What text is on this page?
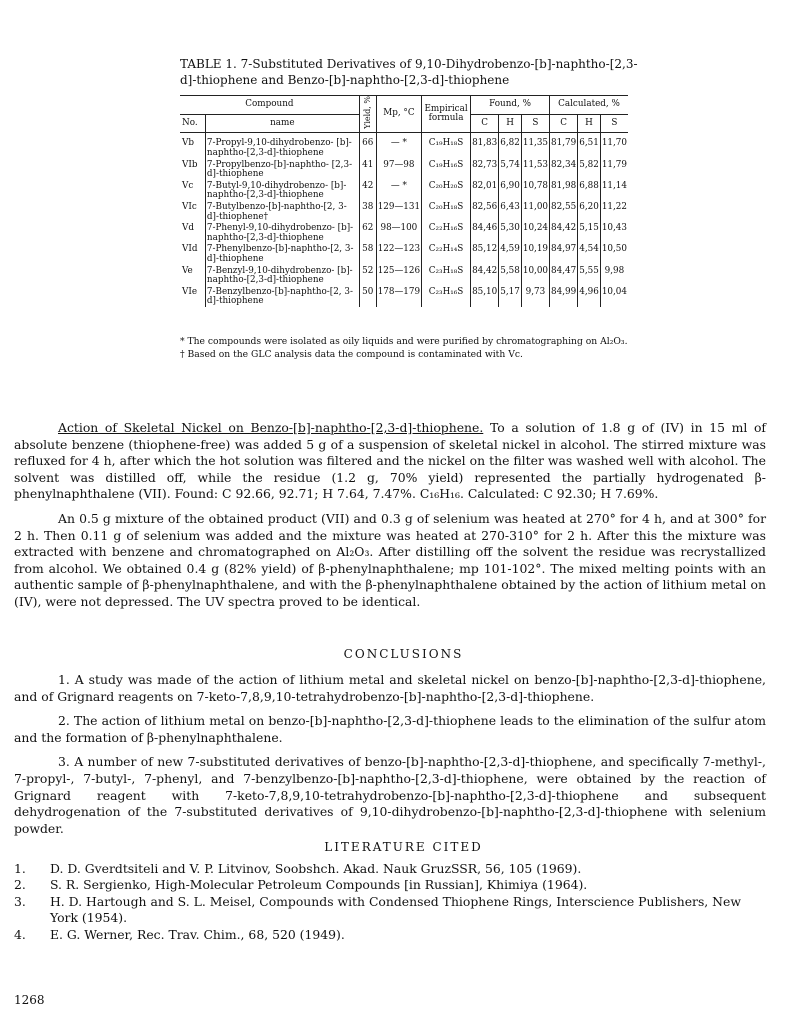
TABLE 1. 7-Substituted Derivatives of 9,10-Dihydrobenzo-[b]-naphtho-[2,3-d]-thiophene and Benzo-[b]-naphtho-[2,3-d]-thiophene
Compound		Yield, %	Mp, °C	Empirical formula	Found, %			Calculated, %		
No.	name				C	H	S	C	H	S
Vb	7-Propyl-9,10-dihydrobenzo- [b]-naphtho-[2,3-d]-thiophene	66	— *	C₁₉H₁₈S	81,83	6,82	11,35	81,79	6,51	11,70
VIb	7-Propylbenzo-[b]-naphtho- [2,3-d]-thiophene	41	97—98	C₁₉H₁₆S	82,73	5,74	11,53	82,34	5,82	11,79
Vc	7-Butyl-9,10-dihydrobenzo- [b]-naphtho-[2,3-d]-thiophene	42	— *	C₂₀H₂₀S	82,01	6,90	10,78	81,98	6,88	11,14
VIc	7-Butylbenzo-[b]-naphtho-[2, 3-d]-thiophene†	38	129—131	C₂₀H₁₈S	82,56	6,43	11,00	82,55	6,20	11,22
Vd	7-Phenyl-9,10-dihydrobenzo- [b]-naphtho-[2,3-d]-thiophene	62	98—100	C₂₂H₁₆S	84,46	5,30	10,24	84,42	5,15	10,43
VId	7-Phenylbenzo-[b]-naphtho-[2, 3-d]-thiophene	58	122—123	C₂₂H₁₄S	85,12	4,59	10,19	84,97	4,54	10,50
Ve	7-Benzyl-9,10-dihydrobenzo- [b]-naphtho-[2,3-d]-thiophene	52	125—126	C₂₃H₁₈S	84,42	5,58	10,00	84,47	5,55	9,98
VIe	7-Benzylbenzo-[b]-naphtho-[2, 3-d]-thiophene	50	178—179	C₂₃H₁₆S	85,10	5,17	9,73	84,99	4,96	10,04

* The compounds were isolated as oily liquids and were purified by chromatographing on Al₂O₃.

† Based on the GLC analysis data the compound is contaminated with Vc.

Action of Skeletal Nickel on Benzo-[b]-naphtho-[2,3-d]-thiophene. To a solution of 1.8 g of (IV) in 15 ml of absolute benzene (thiophene-free) was added 5 g of a suspension of skeletal nickel in alcohol. The stirred mixture was refluxed for 4 h, after which the hot solution was filtered and the nickel on the filter was washed well with alcohol. The solvent was distilled off, while the residue (1.2 g, 70% yield) represented the partially hydrogenated β-phenylnaphthalene (VII). Found: C 92.66, 92.71; H 7.64, 7.47%. C₁₆H₁₆. Calculated: C 92.30; H 7.69%.

An 0.5 g mixture of the obtained product (VII) and 0.3 g of selenium was heated at 270° for 4 h, and at 300° for 2 h. Then 0.11 g of selenium was added and the mixture was heated at 270-310° for 2 h. After this the mixture was extracted with benzene and chromatographed on Al₂O₃. After distilling off the solvent the residue was recrystallized from alcohol. We obtained 0.4 g (82% yield) of β-phenylnaphthalene; mp 101-102°. The mixed melting points with an authentic sample of β-phenylnaphthalene, and with the β-phenylnaphthalene obtained by the action of lithium metal on (IV), were not depressed. The UV spectra proved to be identical.

CONCLUSIONS

1. A study was made of the action of lithium metal and skeletal nickel on benzo-[b]-naphtho-[2,3-d]-thiophene, and of Grignard reagents on 7-keto-7,8,9,10-tetrahydrobenzo-[b]-naphtho-[2,3-d]-thiophene.

2. The action of lithium metal on benzo-[b]-naphtho-[2,3-d]-thiophene leads to the elimination of the sulfur atom and the formation of β-phenylnaphthalene.

3. A number of new 7-substituted derivatives of benzo-[b]-naphtho-[2,3-d]-thiophene, and specifically 7-methyl-, 7-propyl-, 7-butyl-, 7-phenyl, and 7-benzylbenzo-[b]-naphtho-[2,3-d]-thiophene, were obtained by the reaction of Grignard reagent with 7-keto-7,8,9,10-tetrahydrobenzo-[b]-naphtho-[2,3-d]-thiophene and subsequent dehydrogenation of the 7-substituted derivatives of 9,10-dihydrobenzo-[b]-naphtho-[2,3-d]-thiophene with selenium powder.

LITERATURE CITED
1.	D. D. Gverdtsiteli and V. P. Litvinov, Soobshch. Akad. Nauk GruzSSR, 56, 105 (1969).
2.	S. R. Sergienko, High-Molecular Petroleum Compounds [in Russian], Khimiya (1964).
3.	H. D. Hartough and S. L. Meisel, Compounds with Condensed Thiophene Rings, Interscience Publishers, New York (1954).
4.	E. G. Werner, Rec. Trav. Chim., 68, 520 (1949).
1268
